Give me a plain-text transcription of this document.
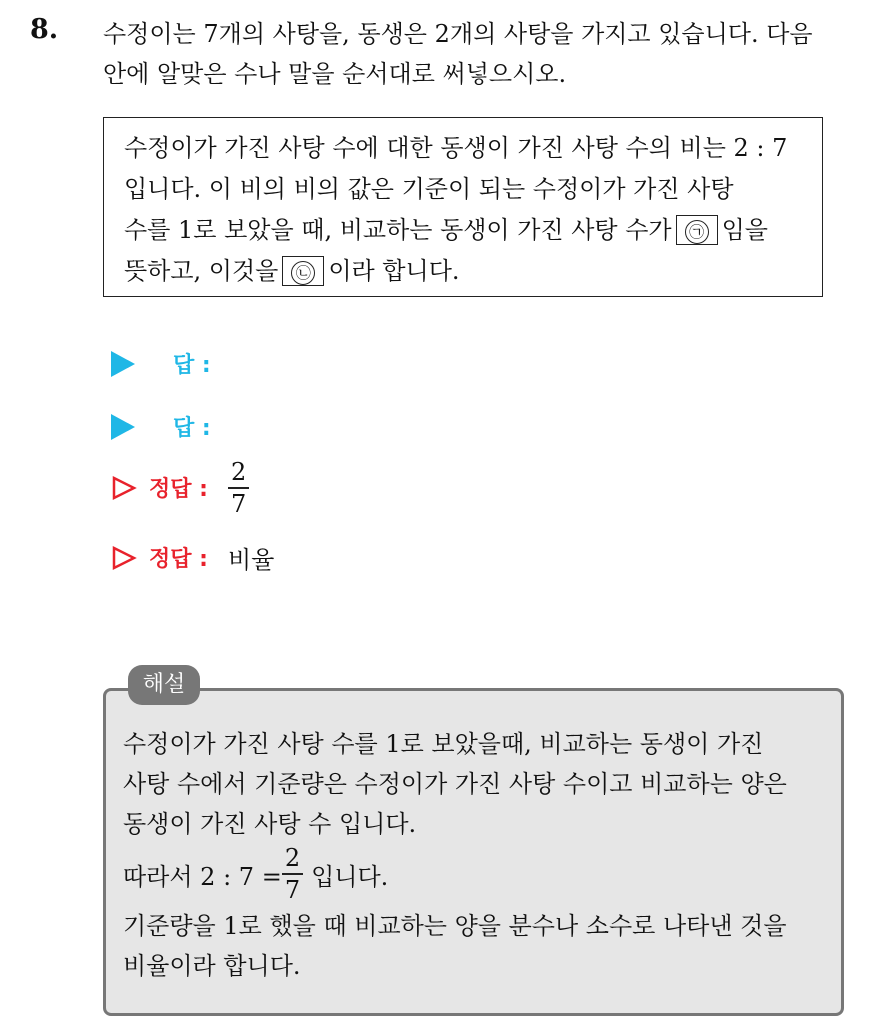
8. 수정이는 7개의 사탕을, 동생은 2개의 사탕을 가지고 있습니다. 다음
안에 알맞은 수나 말을 순서대로 써넣으시오.
수정이가 가진 사탕 수에 대한 동생이 가진 사탕 수의 비는 2 : 7
입니다. 이 비의 비의 값은 기준이 되는 수정이가 가진 사탕
수를 1로 보았을 때, 비교하는 동생이 가진 사탕 수가 ㉠ 임을
뜻하고, 이것을 ㉡ 이라 합니다.
답 :
답 :
정답 : $\frac{2}{7}$
정답 : 비율
해설
수정이가 가진 사탕 수를 1로 보았을때, 비교하는 동생이 가진
사탕 수에서 기준량은 수정이가 가진 사탕 수이고 비교하는 양은
동생이 가진 사탕 수 입니다.
따라서 2 : $7 = \frac{2}{7}$ 입니다.
기준량을 1로 했을 때 비교하는 양을 분수나 소수로 나타낸 것을
비율이라 합니다.
